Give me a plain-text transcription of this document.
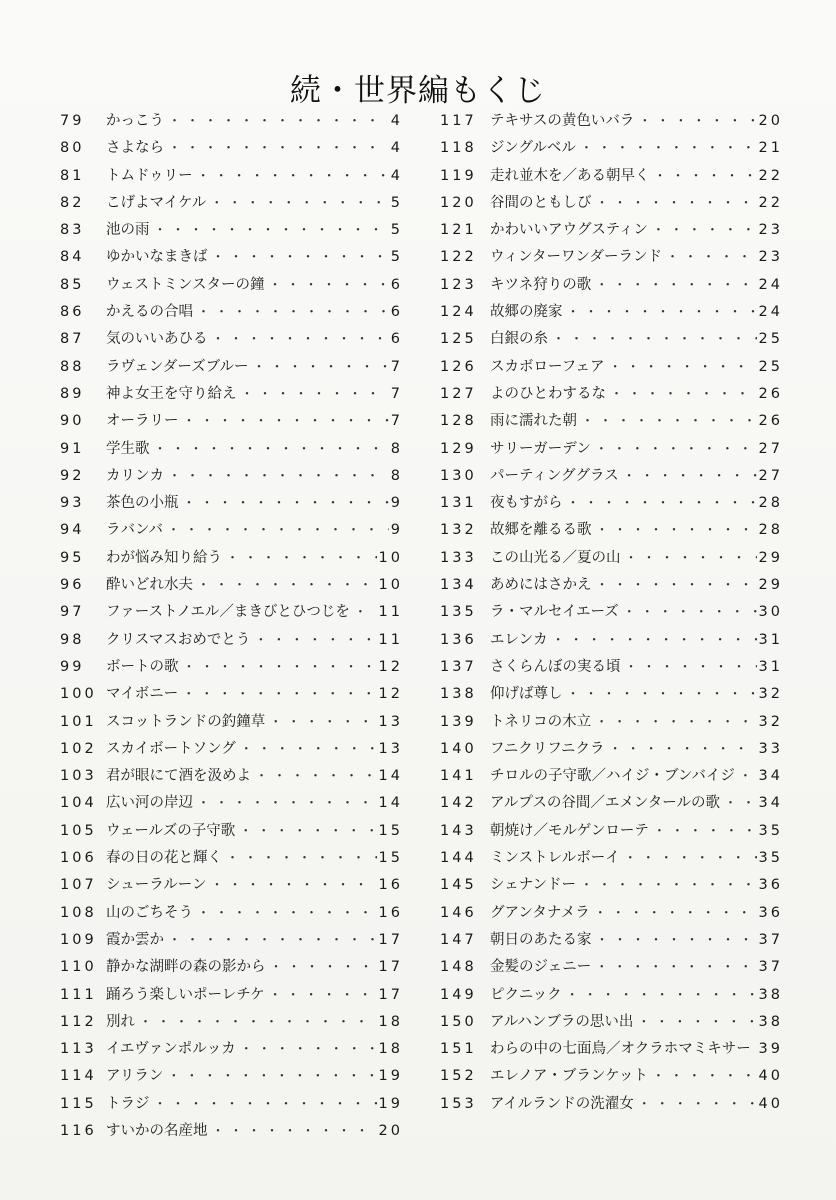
続・世界編もくじ
79	かっこう ・・・・・・・・・・・・・・・・・・・・・・・・・・・・・・・・・・・・・・・・・・	4
80	さよなら ・・・・・・・・・・・・・・・・・・・・・・・・・・・・・・・・・・・・・・・・・・	4
81	トムドゥリー ・・・・・・・・・・・・・・・・・・・・・・・・・・・・・・・・・・・・・・・・・・	4
82	こげよマイケル ・・・・・・・・・・・・・・・・・・・・・・・・・・・・・・・・・・・・・・・・・・	5
83	池の雨 ・・・・・・・・・・・・・・・・・・・・・・・・・・・・・・・・・・・・・・・・・・	5
84	ゆかいなまきば ・・・・・・・・・・・・・・・・・・・・・・・・・・・・・・・・・・・・・・・・・・	5
85	ウェストミンスターの鐘 ・・・・・・・・・・・・・・・・・・・・・・・・・・・・・・・・・・・・・・・・・・	6
86	かえるの合唱 ・・・・・・・・・・・・・・・・・・・・・・・・・・・・・・・・・・・・・・・・・・	6
87	気のいいあひる ・・・・・・・・・・・・・・・・・・・・・・・・・・・・・・・・・・・・・・・・・・	6
88	ラヴェンダーズブルー ・・・・・・・・・・・・・・・・・・・・・・・・・・・・・・・・・・・・・・・・・・	7
89	神よ女王を守り給え ・・・・・・・・・・・・・・・・・・・・・・・・・・・・・・・・・・・・・・・・・・	7
90	オーラリー ・・・・・・・・・・・・・・・・・・・・・・・・・・・・・・・・・・・・・・・・・・	7
91	学生歌 ・・・・・・・・・・・・・・・・・・・・・・・・・・・・・・・・・・・・・・・・・・	8
92	カリンカ ・・・・・・・・・・・・・・・・・・・・・・・・・・・・・・・・・・・・・・・・・・	8
93	茶色の小瓶 ・・・・・・・・・・・・・・・・・・・・・・・・・・・・・・・・・・・・・・・・・・	9
94	ラバンバ ・・・・・・・・・・・・・・・・・・・・・・・・・・・・・・・・・・・・・・・・・・	9
95	わが悩み知り給う ・・・・・・・・・・・・・・・・・・・・・・・・・・・・・・・・・・・・・・・・・・	10
96	酔いどれ水夫 ・・・・・・・・・・・・・・・・・・・・・・・・・・・・・・・・・・・・・・・・・・	10
97	ファーストノエル／まきびとひつじを ・・・・・・・・・・・・・・・・・・・・・・・・・・・・・・・・・・・・・・・・・・ 11
98	クリスマスおめでとう ・・・・・・・・・・・・・・・・・・・・・・・・・・・・・・・・・・・・・・・・・・	11
99	ボートの歌 ・・・・・・・・・・・・・・・・・・・・・・・・・・・・・・・・・・・・・・・・・・	12
100 マイボニー ・・・・・・・・・・・・・・・・・・・・・・・・・・・・・・・・・・・・・・・・・・	12
101 スコットランドの釣鐘草 ・・・・・・・・・・・・・・・・・・・・・・・・・・・・・・・・・・・・・・・・・・	13
102 スカイボートソング ・・・・・・・・・・・・・・・・・・・・・・・・・・・・・・・・・・・・・・・・・・	13
103 君が眼にて酒を汲めよ ・・・・・・・・・・・・・・・・・・・・・・・・・・・・・・・・・・・・・・・・・・	14
104 広い河の岸辺 ・・・・・・・・・・・・・・・・・・・・・・・・・・・・・・・・・・・・・・・・・・	14
105 ウェールズの子守歌 ・・・・・・・・・・・・・・・・・・・・・・・・・・・・・・・・・・・・・・・・・・	15
106 春の日の花と輝く ・・・・・・・・・・・・・・・・・・・・・・・・・・・・・・・・・・・・・・・・・・	15
107 シューラルーン ・・・・・・・・・・・・・・・・・・・・・・・・・・・・・・・・・・・・・・・・・・	16
108 山のごちそう ・・・・・・・・・・・・・・・・・・・・・・・・・・・・・・・・・・・・・・・・・・	16
109 霞か雲か ・・・・・・・・・・・・・・・・・・・・・・・・・・・・・・・・・・・・・・・・・・	17
110 静かな湖畔の森の影から ・・・・・・・・・・・・・・・・・・・・・・・・・・・・・・・・・・・・・・・・・・	17
111 踊ろう楽しいポーレチケ ・・・・・・・・・・・・・・・・・・・・・・・・・・・・・・・・・・・・・・・・・・	17
112 別れ ・・・・・・・・・・・・・・・・・・・・・・・・・・・・・・・・・・・・・・・・・・	18
113 イエヴァンポルッカ ・・・・・・・・・・・・・・・・・・・・・・・・・・・・・・・・・・・・・・・・・・	18
114 アリラン ・・・・・・・・・・・・・・・・・・・・・・・・・・・・・・・・・・・・・・・・・・	19
115 トラジ ・・・・・・・・・・・・・・・・・・・・・・・・・・・・・・・・・・・・・・・・・・	19
116 すいかの名産地 ・・・・・・・・・・・・・・・・・・・・・・・・・・・・・・・・・・・・・・・・・・	20
117 テキサスの黄色いバラ ・・・・・・・・・・・・・・・・・・・・・・・・・・・・・・・・・・・・・・・・・・	20
118 ジングルベル ・・・・・・・・・・・・・・・・・・・・・・・・・・・・・・・・・・・・・・・・・・	21
119 走れ並木を／ある朝早く ・・・・・・・・・・・・・・・・・・・・・・・・・・・・・・・・・・・・・・・・・・	22
120 谷間のともしび ・・・・・・・・・・・・・・・・・・・・・・・・・・・・・・・・・・・・・・・・・・	22
121 かわいいアウグスティン ・・・・・・・・・・・・・・・・・・・・・・・・・・・・・・・・・・・・・・・・・・	23
122 ウィンターワンダーランド ・・・・・・・・・・・・・・・・・・・・・・・・・・・・・・・・・・・・・・・・・・	23
123 キツネ狩りの歌 ・・・・・・・・・・・・・・・・・・・・・・・・・・・・・・・・・・・・・・・・・・	24
124 故郷の廃家 ・・・・・・・・・・・・・・・・・・・・・・・・・・・・・・・・・・・・・・・・・・	24
125 白銀の糸 ・・・・・・・・・・・・・・・・・・・・・・・・・・・・・・・・・・・・・・・・・・	25
126 スカボローフェア ・・・・・・・・・・・・・・・・・・・・・・・・・・・・・・・・・・・・・・・・・・	25
127 よのひとわするな ・・・・・・・・・・・・・・・・・・・・・・・・・・・・・・・・・・・・・・・・・・	26
128 雨に濡れた朝 ・・・・・・・・・・・・・・・・・・・・・・・・・・・・・・・・・・・・・・・・・・	26
129 サリーガーデン ・・・・・・・・・・・・・・・・・・・・・・・・・・・・・・・・・・・・・・・・・・	27
130 パーティンググラス ・・・・・・・・・・・・・・・・・・・・・・・・・・・・・・・・・・・・・・・・・・	27
131 夜もすがら ・・・・・・・・・・・・・・・・・・・・・・・・・・・・・・・・・・・・・・・・・・	28
132 故郷を離るる歌 ・・・・・・・・・・・・・・・・・・・・・・・・・・・・・・・・・・・・・・・・・・	28
133 この山光る／夏の山 ・・・・・・・・・・・・・・・・・・・・・・・・・・・・・・・・・・・・・・・・・・	29
134 あめにはさかえ ・・・・・・・・・・・・・・・・・・・・・・・・・・・・・・・・・・・・・・・・・・	29
135 ラ・マルセイエーズ ・・・・・・・・・・・・・・・・・・・・・・・・・・・・・・・・・・・・・・・・・・	30
136 エレンカ ・・・・・・・・・・・・・・・・・・・・・・・・・・・・・・・・・・・・・・・・・・	31
137 さくらんぼの実る頃 ・・・・・・・・・・・・・・・・・・・・・・・・・・・・・・・・・・・・・・・・・・	31
138 仰げば尊し ・・・・・・・・・・・・・・・・・・・・・・・・・・・・・・・・・・・・・・・・・・	32
139 トネリコの木立 ・・・・・・・・・・・・・・・・・・・・・・・・・・・・・・・・・・・・・・・・・・	32
140 フニクリフニクラ ・・・・・・・・・・・・・・・・・・・・・・・・・・・・・・・・・・・・・・・・・・	33
141 チロルの子守歌／ハイジ・ブンバイジ ・・・・・・・・・・・・・・・・・・・・・・・・・・・・・・・・・・・・・・・・・・ 34
142 アルプスの谷間／エメンタールの歌 ・・・・・・・・・・・・・・・・・・・・・・・・・・・・・・・・・・・・・・・・・・	34
143 朝焼け／モルゲンローテ ・・・・・・・・・・・・・・・・・・・・・・・・・・・・・・・・・・・・・・・・・・	35
144 ミンストレルボーイ ・・・・・・・・・・・・・・・・・・・・・・・・・・・・・・・・・・・・・・・・・・	35
145 シェナンドー ・・・・・・・・・・・・・・・・・・・・・・・・・・・・・・・・・・・・・・・・・・	36
146 グアンタナメラ ・・・・・・・・・・・・・・・・・・・・・・・・・・・・・・・・・・・・・・・・・・	36
147 朝日のあたる家 ・・・・・・・・・・・・・・・・・・・・・・・・・・・・・・・・・・・・・・・・・・	37
148 金髪のジェニー ・・・・・・・・・・・・・・・・・・・・・・・・・・・・・・・・・・・・・・・・・・	37
149 ピクニック ・・・・・・・・・・・・・・・・・・・・・・・・・・・・・・・・・・・・・・・・・・	38
150 アルハンブラの思い出 ・・・・・・・・・・・・・・・・・・・・・・・・・・・・・・・・・・・・・・・・・・	38
151 わらの中の七面鳥／オクラホマミキサー ・・・・・・・・・・・・・・・・・・・・・・・・・・・・・・・・・・・・・・・・・・ 39
152 エレノア・ブランケット ・・・・・・・・・・・・・・・・・・・・・・・・・・・・・・・・・・・・・・・・・・	40
153 アイルランドの洗濯女 ・・・・・・・・・・・・・・・・・・・・・・・・・・・・・・・・・・・・・・・・・・	40
